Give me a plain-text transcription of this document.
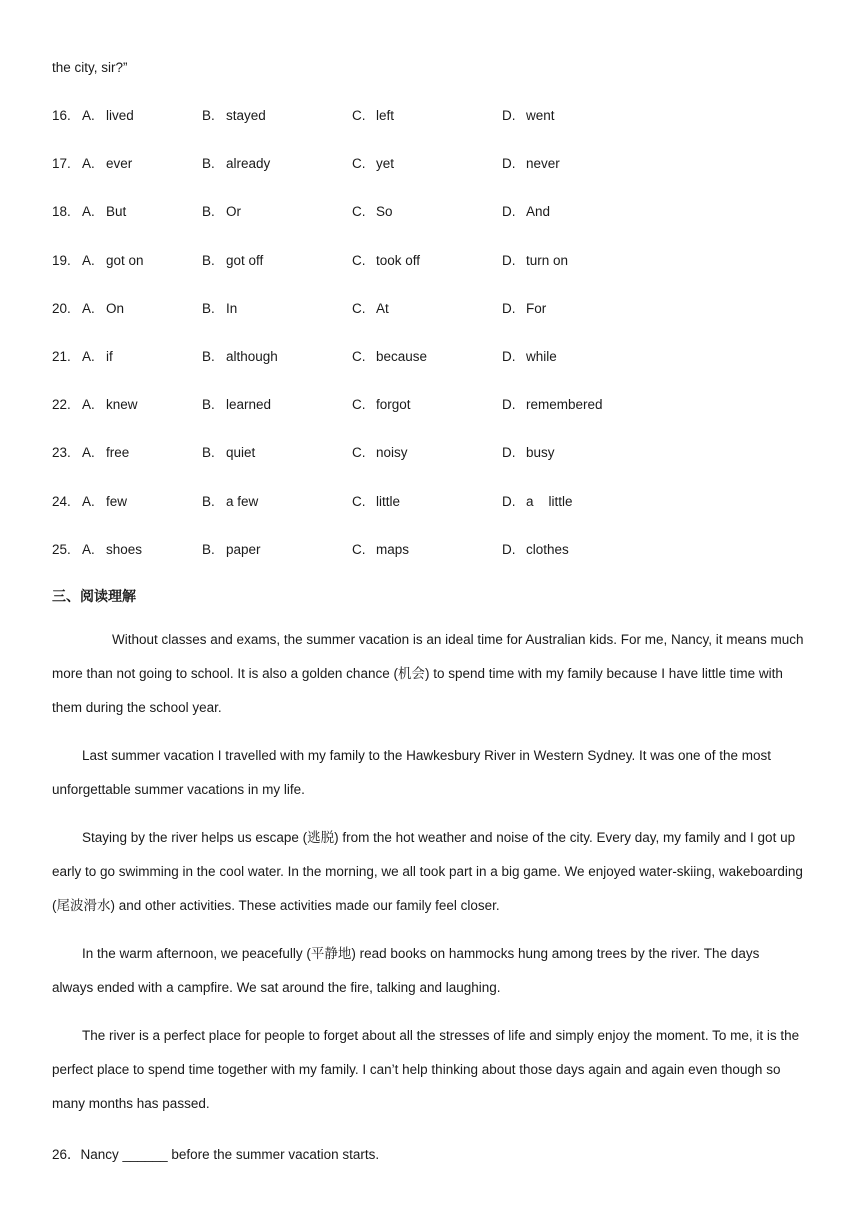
the city, sir?”
16. A. lived	B. stayed	C. left	D. went
17. A. ever	B. already	C. yet	D. never
18. A. But	B. Or	C. So	D. And
19. A. got on	B. got off	C. took off	D. turn on
20. A. On	B. In	C. At	D. For
21. A. if	B. although	C. because	D. while
22. A. knew	B. learned	C. forgot	D. remembered
23. A. free	B. quiet	C. noisy	D. busy
24. A. few	B. a few	C. little	D. a    little
25. A. shoes	B. paper	C. maps	D. clothes
三、阅读理解
Without classes and exams, the summer vacation is an ideal time for Australian kids. For me, Nancy, it means much more than not going to school. It is also a golden chance (机会) to spend time with my family because I have little time with them during the school year.
Last summer vacation I travelled with my family to the Hawkesbury River in Western Sydney. It was one of the most unforgettable summer vacations in my life.
Staying by the river helps us escape (逃脱) from the hot weather and noise of the city. Every day, my family and I got up early to go swimming in the cool water. In the morning, we all took part in a big game. We enjoyed water-skiing, wakeboarding (尾波滑水) and other activities. These activities made our family feel closer.
In the warm afternoon, we peacefully (平静地) read books on hammocks hung among trees by the river. The days always ended with a campfire. We sat around the fire, talking and laughing.
The river is a perfect place for people to forget about all the stresses of life and simply enjoy the moment. To me, it is the perfect place to spend time together with my family. I can’t help thinking about those days again and again even though so many months has passed.
26．Nancy ______ before the summer vacation starts.
